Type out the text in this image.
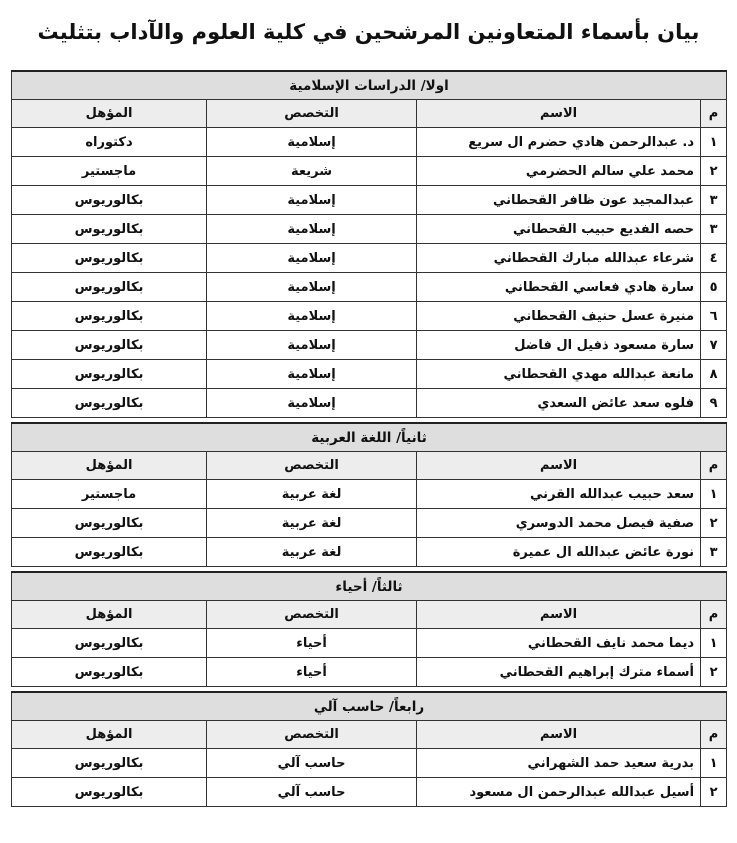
بيان بأسماء المتعاونين المرشحين في كلية العلوم والآداب بتثليث
اولا/ الدراسات الإسلامية			
م	الاسم	التخصص	المؤهل
١	د. عبدالرحمن هادي حضرم ال سريع	إسلامية	دكتوراه
٢	محمد علي سالم الحضرمي	شريعة	ماجستير
٣	عبدالمجيد عون ظافر القحطاني	إسلامية	بكالوريوس
٣	حصه الفديع حبيب القحطاني	إسلامية	بكالوريوس
٤	شرعاء عبدالله مبارك القحطاني	إسلامية	بكالوريوس
٥	سارة هادي فعاسي القحطاني	إسلامية	بكالوريوس
٦	منيرة عسل حنيف القحطاني	إسلامية	بكالوريوس
٧	سارة مسعود ذفيل ال فاضل	إسلامية	بكالوريوس
٨	مانعة عبدالله مهدي القحطاني	إسلامية	بكالوريوس
٩	فلوه سعد عائض السعدي	إسلامية	بكالوريوس

ثانياً/ اللغة العربية			
م	الاسم	التخصص	المؤهل
١	سعد حبيب عبدالله القرني	لغة عربية	ماجستير
٢	صفية فيصل محمد الدوسري	لغة عربية	بكالوريوس
٣	نورة عائض عبدالله ال عميرة	لغة عربية	بكالوريوس

ثالثاً/ أحياء			
م	الاسم	التخصص	المؤهل
١	ديما محمد نايف القحطاني	أحياء	بكالوريوس
٢	أسماء مترك إبراهيم القحطاني	أحياء	بكالوريوس

رابعاً/ حاسب آلي			
م	الاسم	التخصص	المؤهل
١	بدرية سعيد حمد الشهراني	حاسب آلي	بكالوريوس
٢	أسيل عبدالله عبدالرحمن ال مسعود	حاسب آلي	بكالوريوس
